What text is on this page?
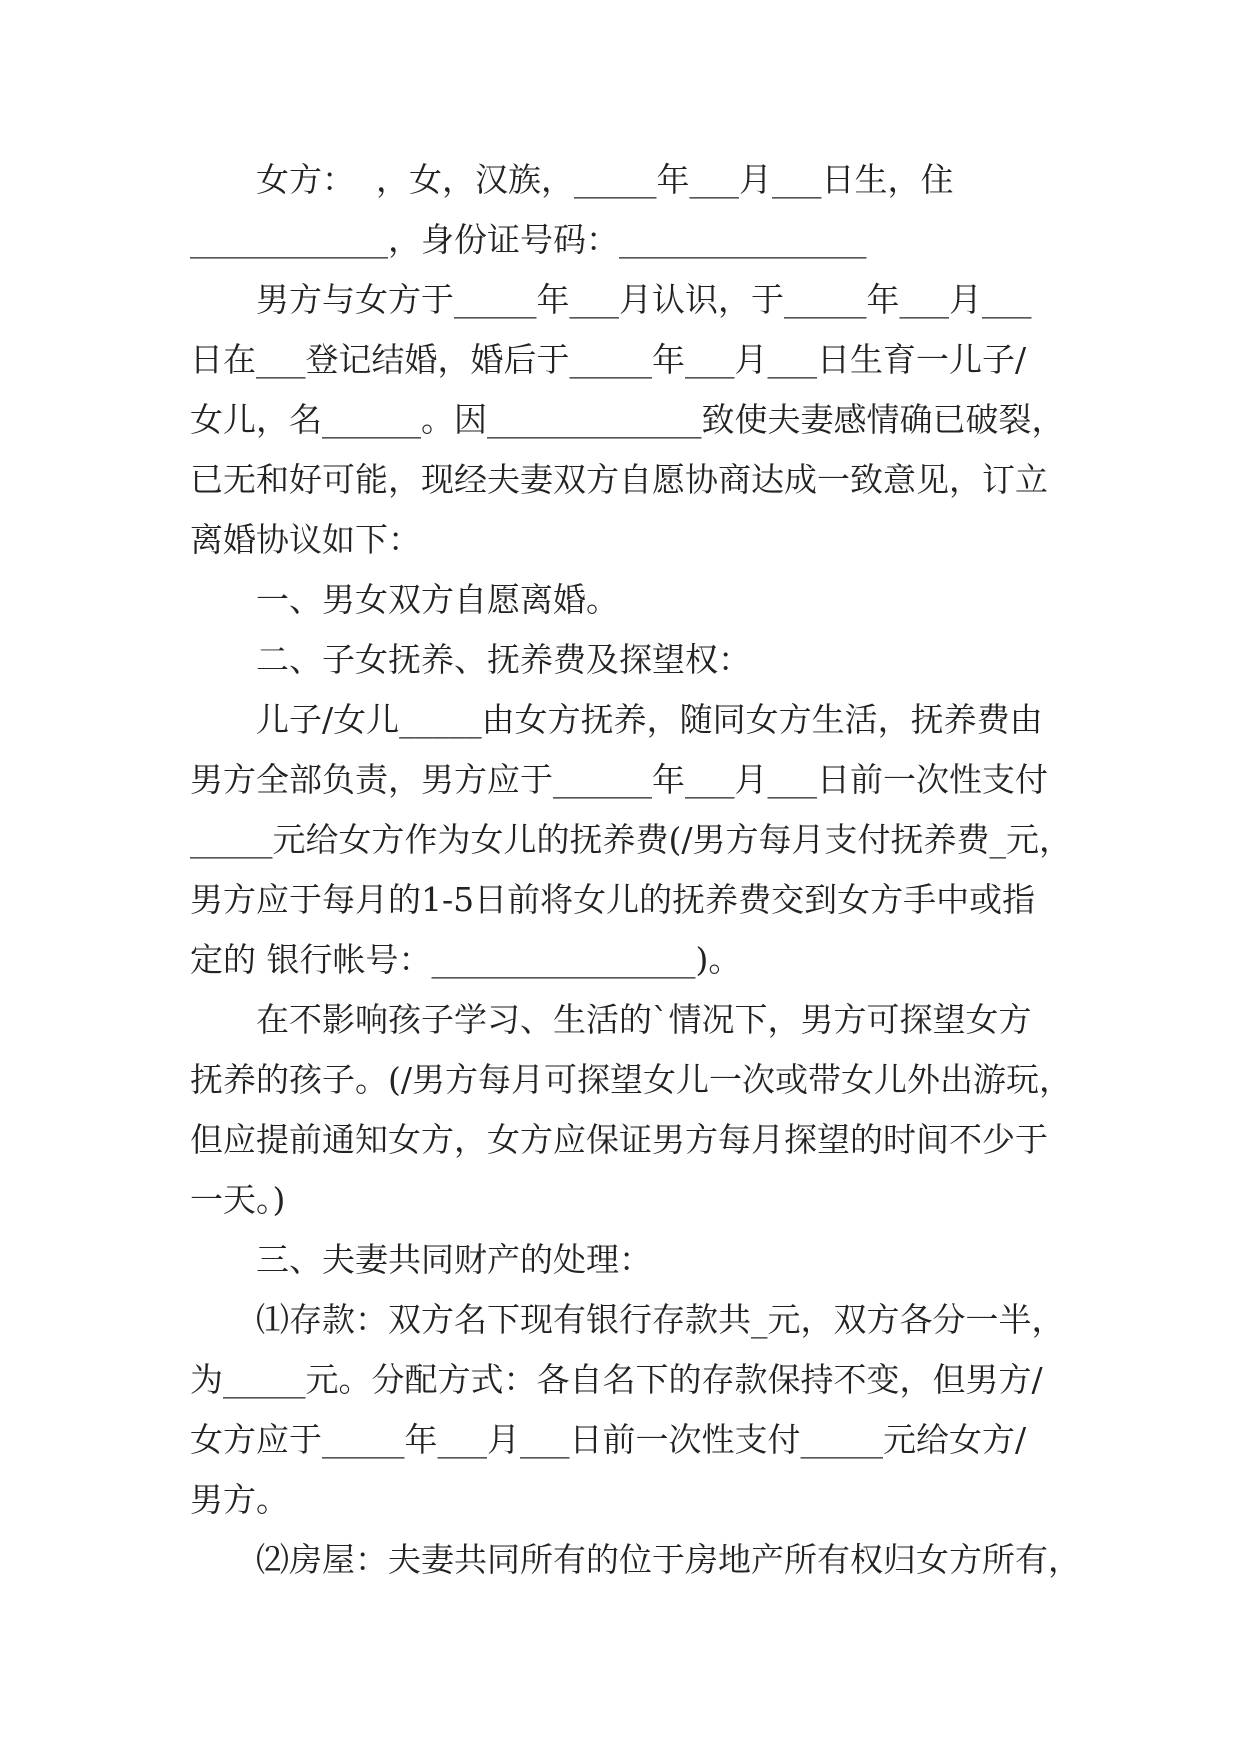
女方：  ，女，汉族，_____年___月___日生，住
____________，身份证号码：_______________
男方与女方于_____年___月认识，于_____年___月___
日在___登记结婚，婚后于_____年___月___日生育一儿子/
女儿，名______。因_____________致使夫妻感情确已破裂，
已无和好可能，现经夫妻双方自愿协商达成一致意见，订立
离婚协议如下：
一、男女双方自愿离婚。
二、子女抚养、抚养费及探望权：
儿子/女儿_____由女方抚养，随同女方生活，抚养费由
男方全部负责，男方应于______年___月___日前一次性支付
_____元给女方作为女儿的抚养费(/男方每月支付抚养费_元，
男方应于每月的1-5日前将女儿的抚养费交到女方手中或指
定的 银行帐号：________________)。
在不影响孩子学习、生活的`情况下，男方可探望女方
抚养的孩子。(/男方每月可探望女儿一次或带女儿外出游玩，
但应提前通知女方，女方应保证男方每月探望的时间不少于
一天。)
三、夫妻共同财产的处理：
⑴存款：双方名下现有银行存款共_元，双方各分一半，
为_____元。分配方式：各自名下的存款保持不变，但男方/
女方应于_____年___月___日前一次性支付_____元给女方/
男方。
⑵房屋：夫妻共同所有的位于房地产所有权归女方所有，
